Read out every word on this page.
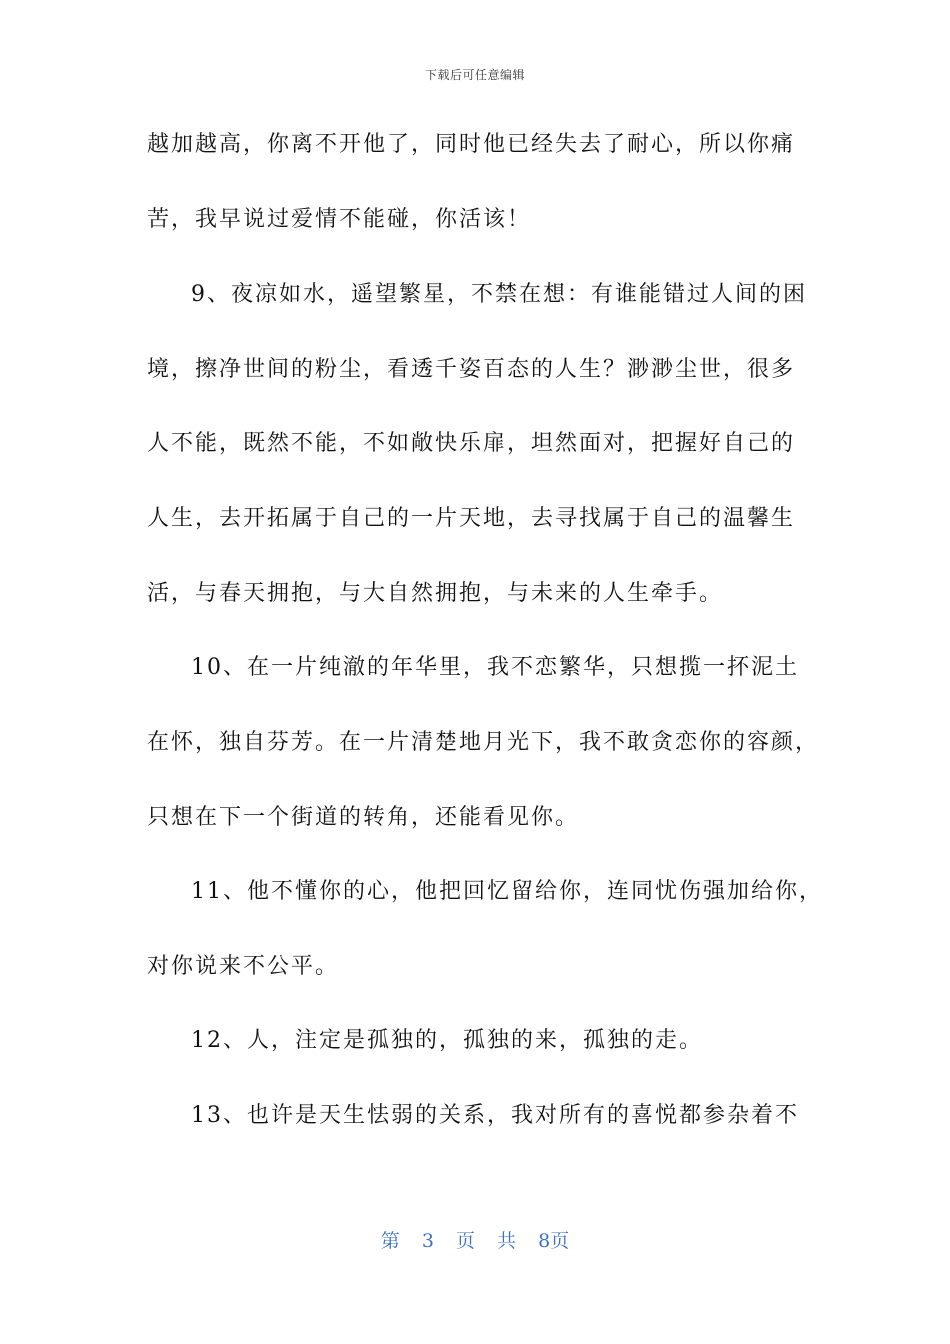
下载后可任意编辑
越加越高，你离不开他了，同时他已经失去了耐心，所以你痛
苦，我早说过爱情不能碰，你活该！
9、夜凉如水，遥望繁星，不禁在想：有谁能错过人间的困
境，擦净世间的粉尘，看透千姿百态的人生？渺渺尘世，很多
人不能，既然不能，不如敞快乐扉，坦然面对，把握好自己的
人生，去开拓属于自己的一片天地，去寻找属于自己的温馨生
活，与春天拥抱，与大自然拥抱，与未来的人生牵手。
10、在一片纯澈的年华里，我不恋繁华，只想揽一抔泥土
在怀，独自芬芳。在一片清楚地月光下，我不敢贪恋你的容颜，
只想在下一个街道的转角，还能看见你。
11、他不懂你的心，他把回忆留给你，连同忧伤强加给你，
对你说来不公平。
12、人，注定是孤独的，孤独的来，孤独的走。
13、也许是天生怯弱的关系，我对所有的喜悦都参杂着不
第 3 页 共 8页
